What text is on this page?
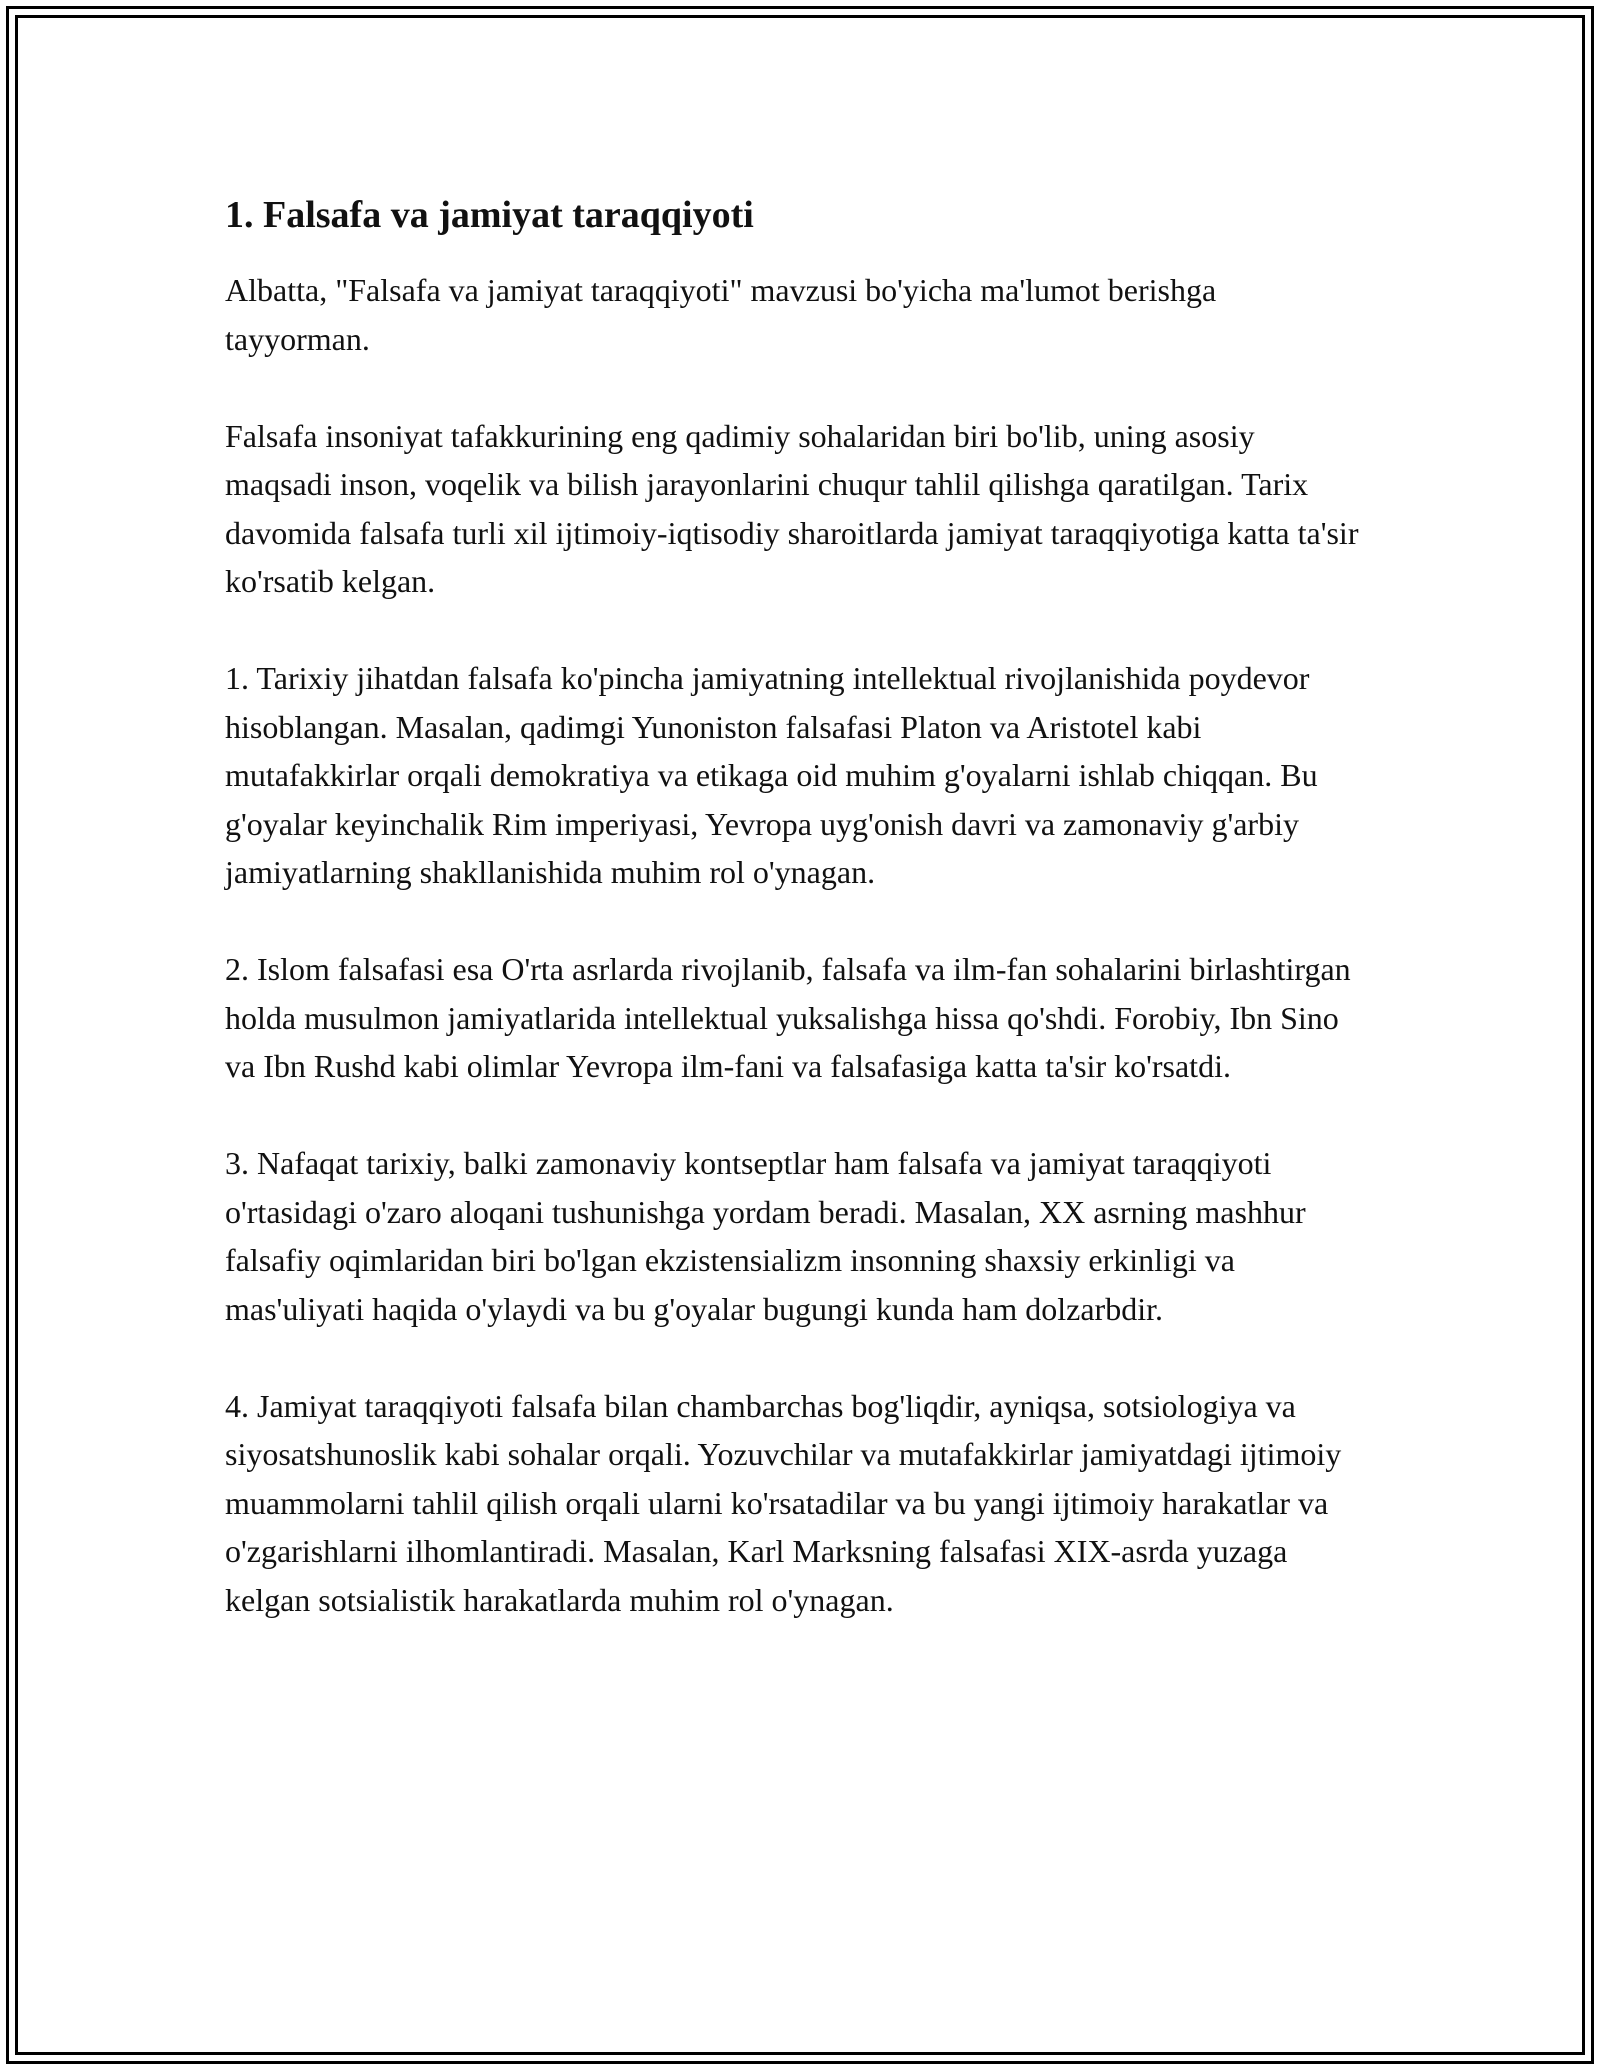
1. Falsafa va jamiyat taraqqiyoti

Albatta, "Falsafa va jamiyat taraqqiyoti" mavzusi bo'yicha ma'lumot berishga tayyorman.

Falsafa insoniyat tafakkurining eng qadimiy sohalaridan biri bo'lib, uning asosiy maqsadi inson, voqelik va bilish jarayonlarini chuqur tahlil qilishga qaratilgan. Tarix davomida falsafa turli xil ijtimoiy-iqtisodiy sharoitlarda jamiyat taraqqiyotiga katta ta'sir ko'rsatib kelgan.

1. Tarixiy jihatdan falsafa ko'pincha jamiyatning intellektual rivojlanishida poydevor hisoblangan. Masalan, qadimgi Yunoniston falsafasi Platon va Aristotel kabi mutafakkirlar orqali demokratiya va etikaga oid muhim g'oyalarni ishlab chiqqan. Bu g'oyalar keyinchalik Rim imperiyasi, Yevropa uyg'onish davri va zamonaviy g'arbiy jamiyatlarning shakllanishida muhim rol o'ynagan.

2. Islom falsafasi esa O'rta asrlarda rivojlanib, falsafa va ilm-fan sohalarini birlashtirgan holda musulmon jamiyatlarida intellektual yuksalishga hissa qo'shdi. Forobiy, Ibn Sino va Ibn Rushd kabi olimlar Yevropa ilm-fani va falsafasiga katta ta'sir ko'rsatdi.

3. Nafaqat tarixiy, balki zamonaviy kontseptlar ham falsafa va jamiyat taraqqiyoti o'rtasidagi o'zaro aloqani tushunishga yordam beradi. Masalan, XX asrning mashhur falsafiy oqimlaridan biri bo'lgan ekzistensializm insonning shaxsiy erkinligi va mas'uliyati haqida o'ylaydi va bu g'oyalar bugungi kunda ham dolzarbdir.

4. Jamiyat taraqqiyoti falsafa bilan chambarchas bog'liqdir, ayniqsa, sotsiologiya va siyosatshunoslik kabi sohalar orqali. Yozuvchilar va mutafakkirlar jamiyatdagi ijtimoiy muammolarni tahlil qilish orqali ularni ko'rsatadilar va bu yangi ijtimoiy harakatlar va o'zgarishlarni ilhomlantiradi. Masalan, Karl Marksning falsafasi XIX-asrda yuzaga kelgan sotsialistik harakatlarda muhim rol o'ynagan.
